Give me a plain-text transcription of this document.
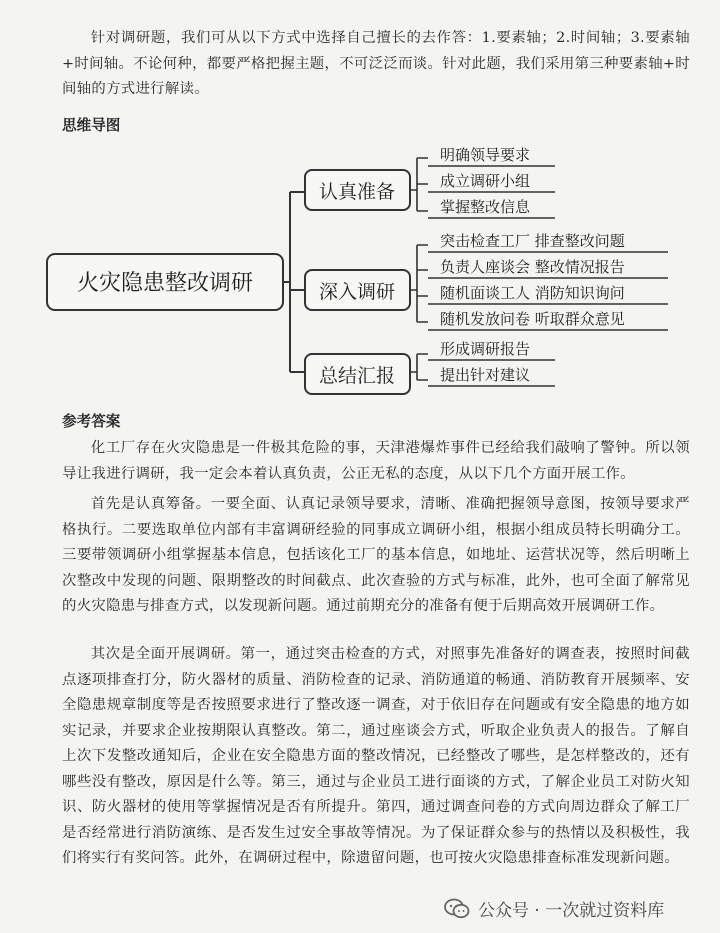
针对调研题，我们可从以下方式中选择自己擅长的去作答：1.要素轴；2.时间轴；3.要素轴+时间轴。不论何种，都要严格把握主题，不可泛泛而谈。针对此题，我们采用第三种要素轴+时间轴的方式进行解读。

思维导图

火灾隐患整改调研
认真准备
明确领导要求
成立调研小组
掌握整改信息
深入调研
突击检查工厂 排查整改问题
负责人座谈会 整改情况报告
随机面谈工人 消防知识询问
随机发放问卷 听取群众意见
总结汇报
形成调研报告
提出针对建议

参考答案

化工厂存在火灾隐患是一件极其危险的事，天津港爆炸事件已经给我们敲响了警钟。所以领导让我进行调研，我一定会本着认真负责，公正无私的态度，从以下几个方面开展工作。

首先是认真筹备。一要全面、认真记录领导要求，清晰、准确把握领导意图，按领导要求严格执行。二要选取单位内部有丰富调研经验的同事成立调研小组，根据小组成员特长明确分工。三要带领调研小组掌握基本信息，包括该化工厂的基本信息，如地址、运营状况等，然后明晰上次整改中发现的问题、限期整改的时间截点、此次查验的方式与标准，此外，也可全面了解常见的火灾隐患与排查方式，以发现新问题。通过前期充分的准备有便于后期高效开展调研工作。

其次是全面开展调研。第一，通过突击检查的方式，对照事先准备好的调查表，按照时间截点逐项排查打分，防火器材的质量、消防检查的记录、消防通道的畅通、消防教育开展频率、安全隐患规章制度等是否按照要求进行了整改逐一调查，对于依旧存在问题或有安全隐患的地方如实记录，并要求企业按期限认真整改。第二，通过座谈会方式，听取企业负责人的报告。了解自上次下发整改通知后，企业在安全隐患方面的整改情况，已经整改了哪些，是怎样整改的，还有哪些没有整改，原因是什么等。第三，通过与企业员工进行面谈的方式，了解企业员工对防火知识、防火器材的使用等掌握情况是否有所提升。第四，通过调查问卷的方式向周边群众了解工厂是否经常进行消防演练、是否发生过安全事故等情况。为了保证群众参与的热情以及积极性，我们将实行有奖问答。此外，在调研过程中，除遗留问题，也可按火灾隐患排查标准发现新问题。

公众号 · 一次就过资料库
